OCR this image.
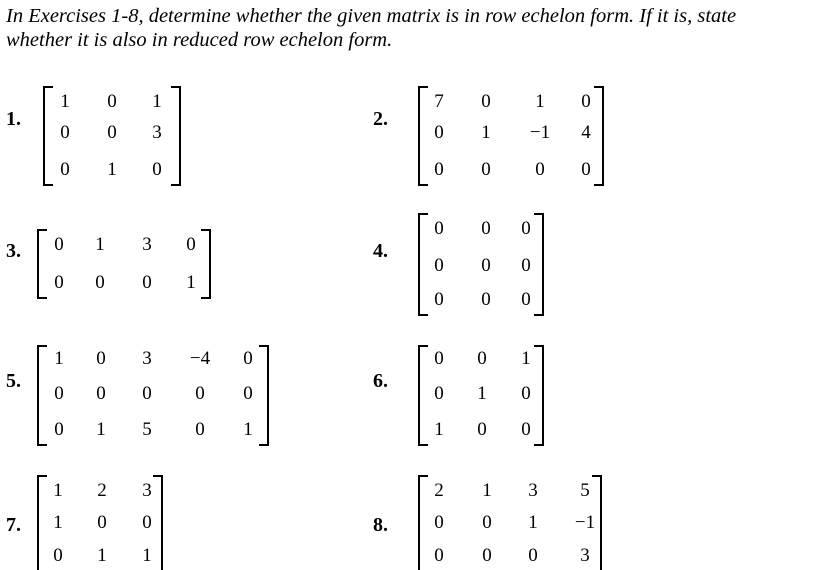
In Exercises 1-8, determine whether the given matrix is in row echelon form. If it is, state
whether it is also in reduced row echelon form.
1.
1	0	1
0	0	3
0	1	0
2.
7	0	1	0
0	1	−1	4
0	0	0	0
3.	0	1	3	0
0	0	0	1
4.
0	0	0
0	0	0
0	0	0
5.
1	0	3	−4	0
0	0	0	0	0
0	1	5	0	1
6.
0	0	1
0	1	0
1	0	0
7.
1	2	3
1	0	0
0	1	1
8.
2	1	3	5
0	0	1	−1
0	0	0	3
